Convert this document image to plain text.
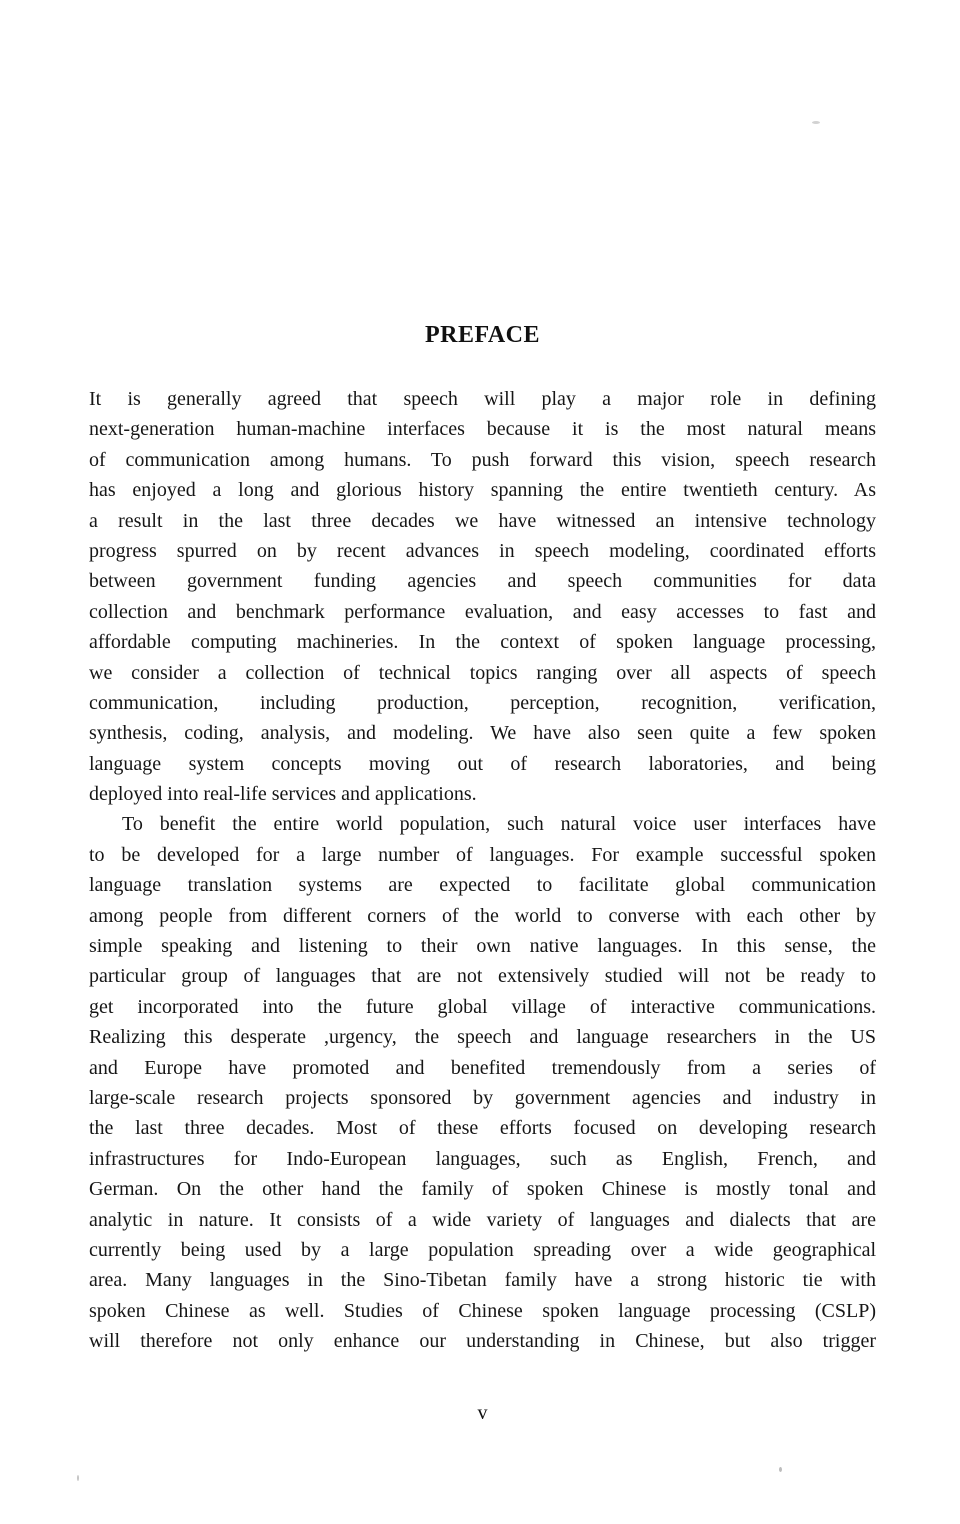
PREFACE
It is generally agreed that speech will play a major role in defining
next-generation human-machine interfaces because it is the most natural means
of communication among humans. To push forward this vision, speech research
has enjoyed a long and glorious history spanning the entire twentieth century. As
a result in the last three decades we have witnessed an intensive technology
progress spurred on by recent advances in speech modeling, coordinated efforts
between government funding agencies and speech communities for data
collection and benchmark performance evaluation, and easy accesses to fast and
affordable computing machineries. In the context of spoken language processing,
we consider a collection of technical topics ranging over all aspects of speech
communication, including production, perception, recognition, verification,
synthesis, coding, analysis, and modeling. We have also seen quite a few spoken
language system concepts moving out of research laboratories, and being
deployed into real-life services and applications.
To benefit the entire world population, such natural voice user interfaces have
to be developed for a large number of languages. For example successful spoken
language translation systems are expected to facilitate global communication
among people from different corners of the world to converse with each other by
simple speaking and listening to their own native languages. In this sense, the
particular group of languages that are not extensively studied will not be ready to
get incorporated into the future global village of interactive communications.
Realizing this desperate ,urgency, the speech and language researchers in the US
and Europe have promoted and benefited tremendously from a series of
large-scale research projects sponsored by government agencies and industry in
the last three decades. Most of these efforts focused on developing research
infrastructures for Indo-European languages, such as English, French, and
German. On the other hand the family of spoken Chinese is mostly tonal and
analytic in nature. It consists of a wide variety of languages and dialects that are
currently being used by a large population spreading over a wide geographical
area. Many languages in the Sino-Tibetan family have a strong historic tie with
spoken Chinese as well. Studies of Chinese spoken language processing (CSLP)
will therefore not only enhance our understanding in Chinese, but also trigger
v
